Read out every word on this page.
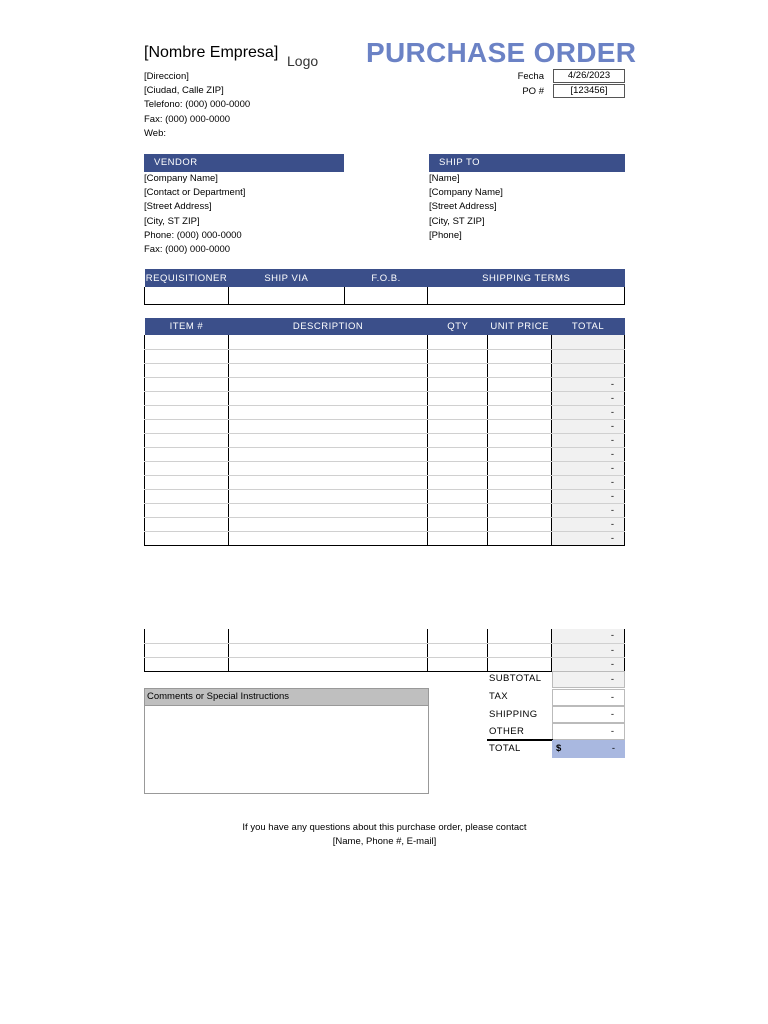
[Nombre Empresa] Logo PURCHASE ORDER
[Direccion]
[Ciudad, Calle ZIP]
Telefono: (000) 000-0000
Fax: (000) 000-0000
Web:
Fecha	4/26/2023
PO #	[123456]
VENDOR
[Company Name]
[Contact or Department]
[Street Address]
[City, ST ZIP]
Phone: (000) 000-0000
Fax: (000) 000-0000
SHIP TO
[Name]
[Company Name]
[Street Address]
[City, ST ZIP]
[Phone]
REQUISITIONER	SHIP VIA	F.O.B.	SHIPPING TERMS

ITEM #	DESCRIPTION	QTY	UNIT PRICE	TOTAL

				-
				-
				-
				-
				-
				-
				-
				-
				-
				-
				-
				-
				-
				-
				-
SUBTOTAL	-
TAX	-
SHIPPING	-
OTHER	-
TOTAL	$	-
Comments or Special Instructions
If you have any questions about this purchase order, please contact
[Name, Phone #, E-mail]
